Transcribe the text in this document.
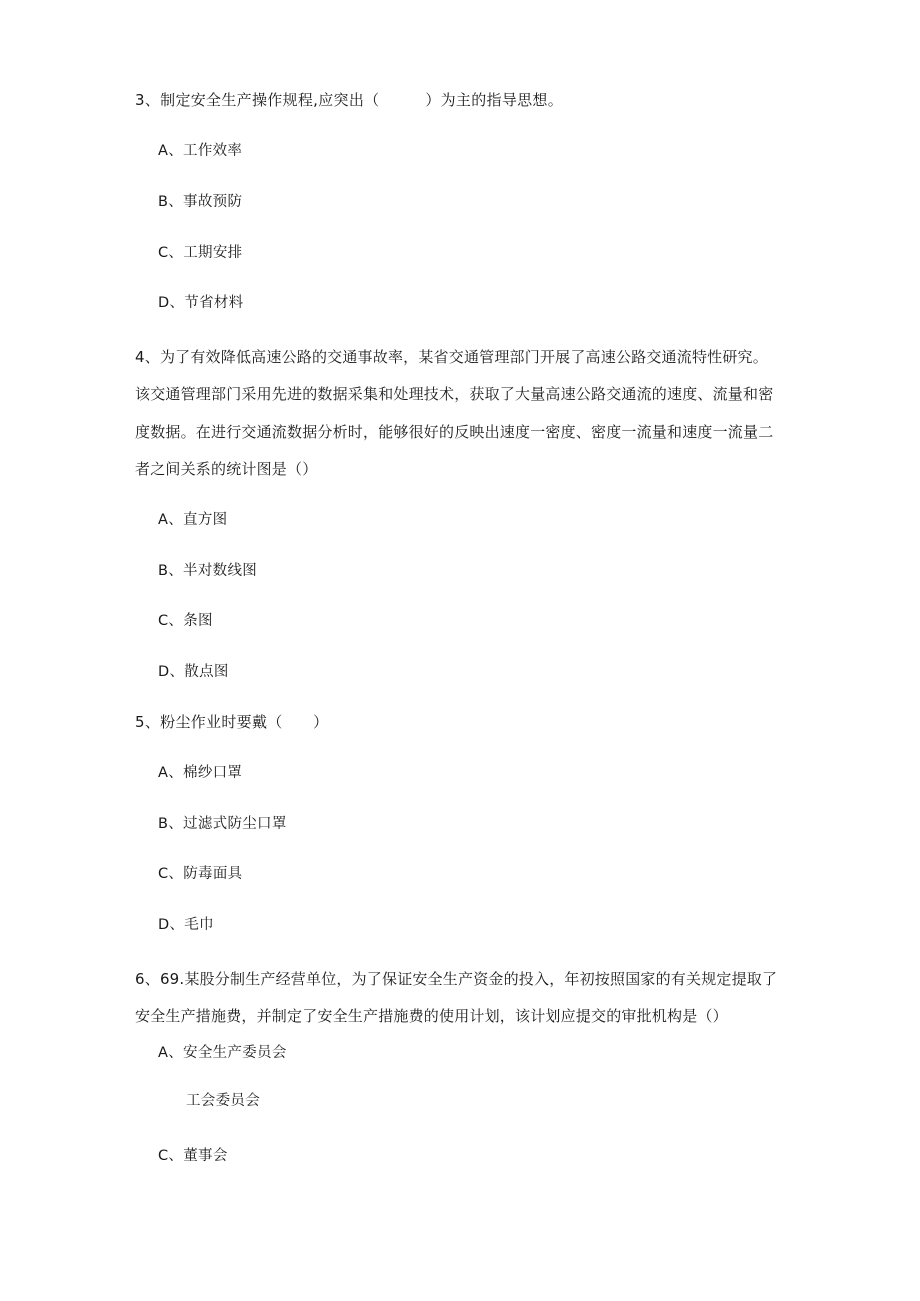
3、制定安全生产操作规程,应突出（　　　）为主的指导思想。
A、工作效率
B、事故预防
C、工期安排
D、节省材料
4、为了有效降低高速公路的交通事故率，某省交通管理部门开展了高速公路交通流特性研究。
该交通管理部门采用先进的数据采集和处理技术，获取了大量高速公路交通流的速度、流量和密
度数据。在进行交通流数据分析时，能够很好的反映出速度一密度、密度一流量和速度一流量二
者之间关系的统计图是（）
A、直方图
B、半对数线图
C、条图
D、散点图
5、粉尘作业时要戴（　　）
A、棉纱口罩
B、过滤式防尘口罩
C、防毒面具
D、毛巾
6、69.某股分制生产经营单位，为了保证安全生产资金的投入，年初按照国家的有关规定提取了
安全生产措施费，并制定了安全生产措施费的使用计划，该计划应提交的审批机构是（）
A、安全生产委员会
工会委员会
C、董事会
